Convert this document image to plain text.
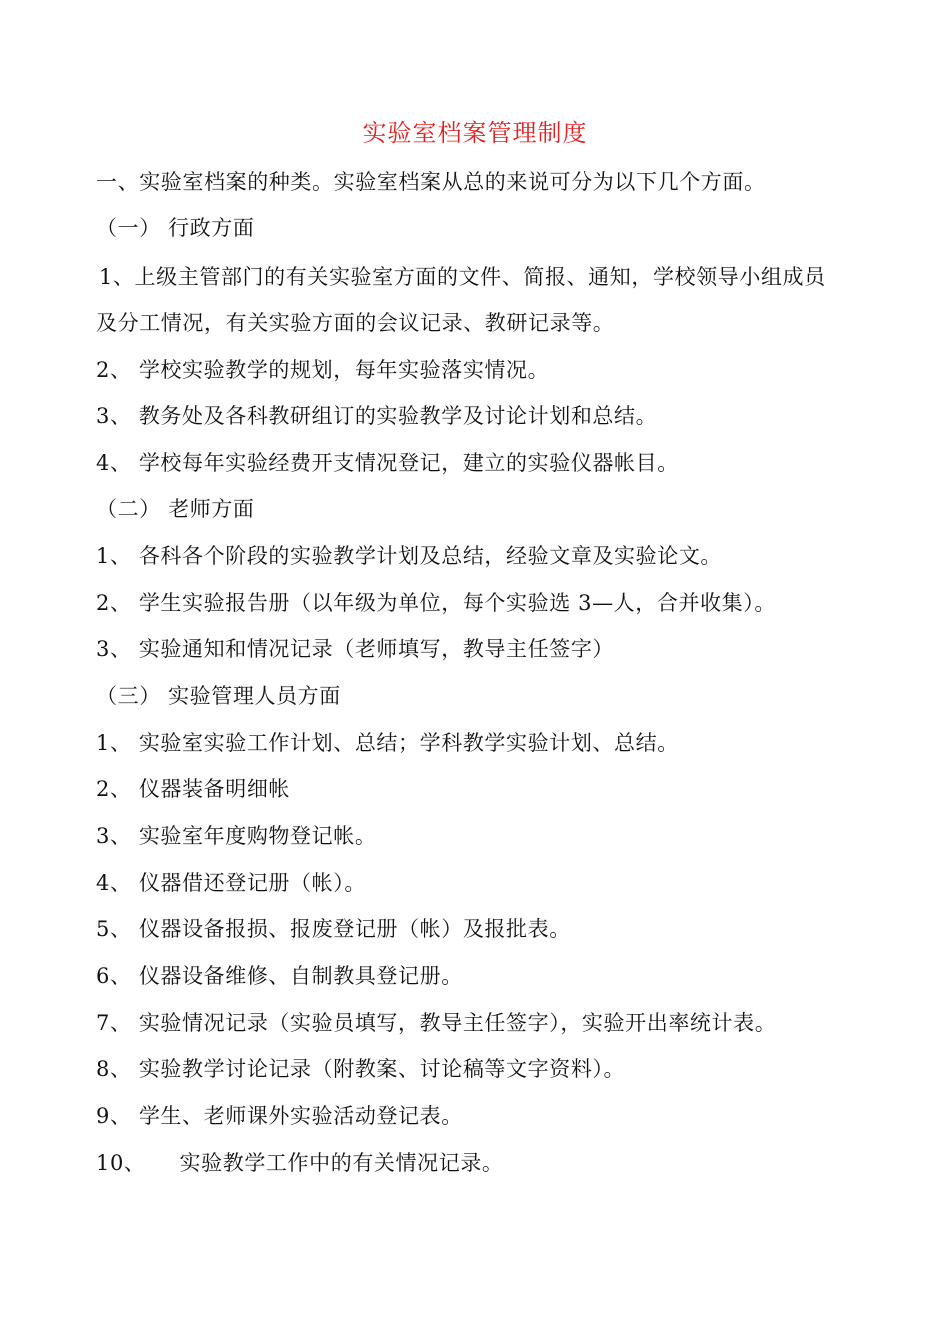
实验室档案管理制度
一、实验室档案的种类。实验室档案从总的来说可分为以下几个方面。
（一） 行政方面
1、上级主管部门的有关实验室方面的文件、简报、通知，学校领导小组成员
及分工情况，有关实验方面的会议记录、教研记录等。
2、 学校实验教学的规划，每年实验落实情况。
3、 教务处及各科教研组订的实验教学及讨论计划和总结。
4、 学校每年实验经费开支情况登记，建立的实验仪器帐目。
（二） 老师方面
1、 各科各个阶段的实验教学计划及总结，经验文章及实验论文。
2、 学生实验报告册（以年级为单位，每个实验选 3—人，合并收集）。
3、 实验通知和情况记录（老师填写，教导主任签字）
（三） 实验管理人员方面
1、 实验室实验工作计划、总结；学科教学实验计划、总结。
2、 仪器装备明细帐
3、 实验室年度购物登记帐。
4、 仪器借还登记册（帐）。
5、 仪器设备报损、报废登记册（帐）及报批表。
6、 仪器设备维修、自制教具登记册。
7、 实验情况记录（实验员填写，教导主任签字），实验开出率统计表。
8、 实验教学讨论记录（附教案、讨论稿等文字资料）。
9、 学生、老师课外实验活动登记表。
10、 实验教学工作中的有关情况记录。
